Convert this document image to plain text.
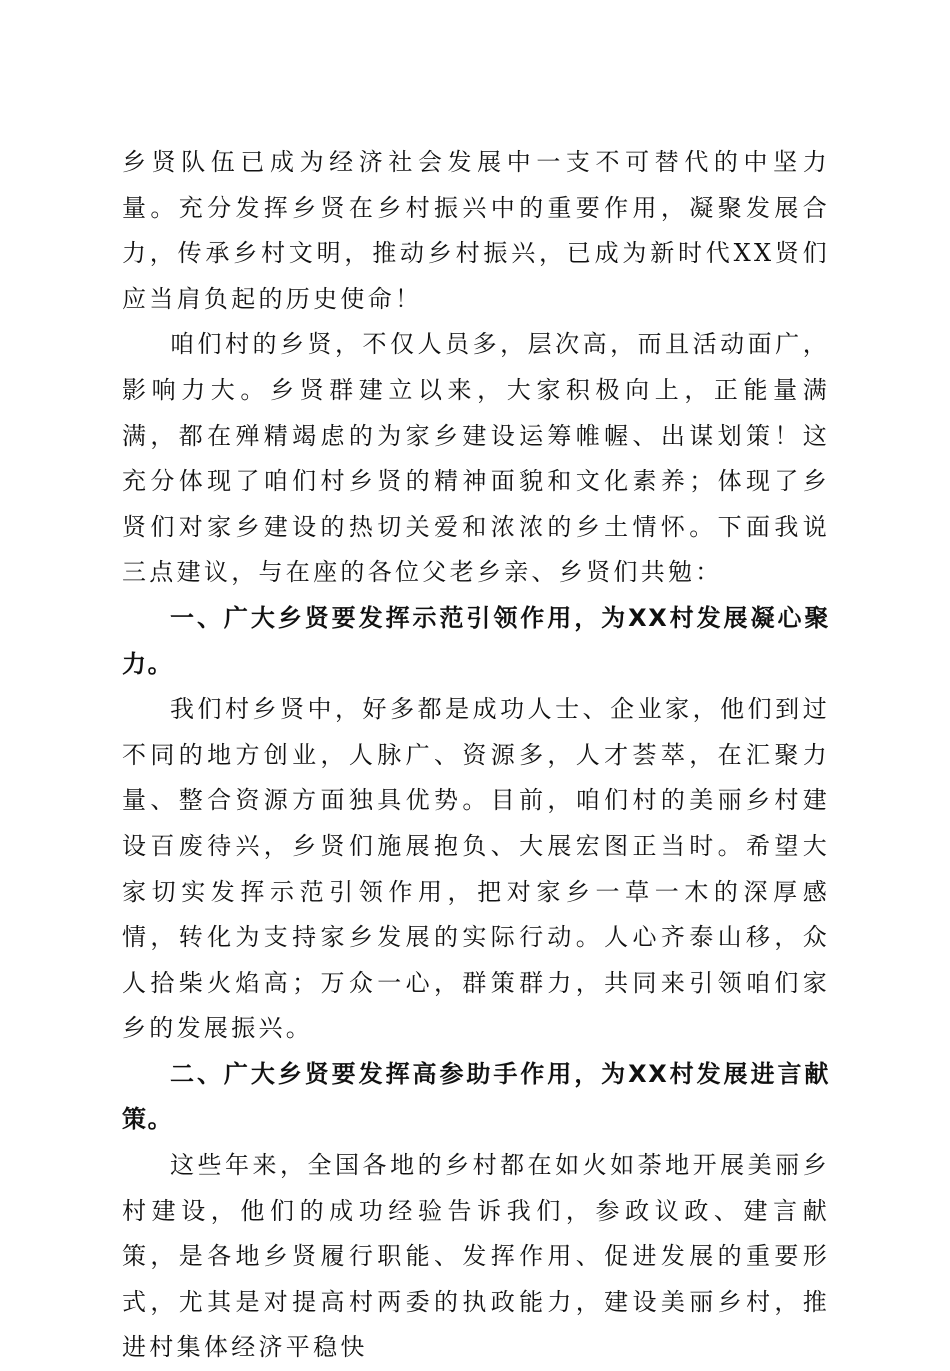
乡贤队伍已成为经济社会发展中一支不可替代的中坚力量。充分发挥乡贤在乡村振兴中的重要作用，凝聚发展合力，传承乡村文明，推动乡村振兴，已成为新时代XX贤们应当肩负起的历史使命！

咱们村的乡贤，不仅人员多，层次高，而且活动面广，影响力大。乡贤群建立以来，大家积极向上，正能量满满，都在殚精竭虑的为家乡建设运筹帷幄、出谋划策！这充分体现了咱们村乡贤的精神面貌和文化素养；体现了乡贤们对家乡建设的热切关爱和浓浓的乡土情怀。下面我说三点建议，与在座的各位父老乡亲、乡贤们共勉：

一、广大乡贤要发挥示范引领作用，为XX村发展凝心聚力。

我们村乡贤中，好多都是成功人士、企业家，他们到过不同的地方创业，人脉广、资源多，人才荟萃，在汇聚力量、整合资源方面独具优势。目前，咱们村的美丽乡村建设百废待兴，乡贤们施展抱负、大展宏图正当时。希望大家切实发挥示范引领作用，把对家乡一草一木的深厚感情，转化为支持家乡发展的实际行动。人心齐泰山移，众人拾柴火焰高；万众一心，群策群力，共同来引领咱们家乡的发展振兴。

二、广大乡贤要发挥高参助手作用，为XX村发展进言献策。

这些年来，全国各地的乡村都在如火如荼地开展美丽乡村建设，他们的成功经验告诉我们，参政议政、建言献策，是各地乡贤履行职能、发挥作用、促进发展的重要形式，尤其是对提高村两委的执政能力，建设美丽乡村，推进村集体经济平稳快
